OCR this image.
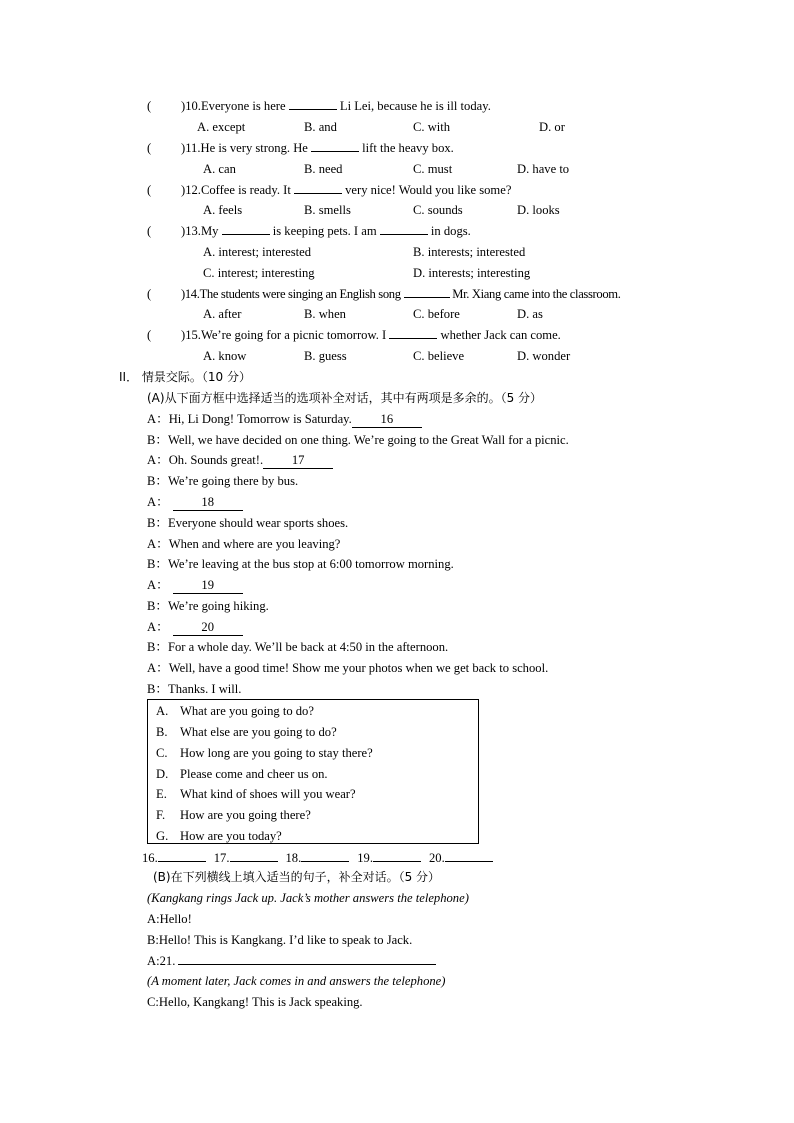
( )10.Everyone is here	Li Lei, because he is ill today.
A. except	B. and	C. with	D. or
( )11.He is very strong. He	lift the heavy box.
A. can	B. need	C. must	D. have to
( )12.Coffee is ready. It	very nice! Would you like some?
A. feels	B. smells	C. sounds	D. looks
( )13.My	is keeping pets. I am	in dogs.
A. interest; interested	B. interests; interested
C. interest; interesting	D. interests; interesting
( )14.The students were singing an English song	Mr. Xiang came into the classroom.
A. after	B. when	C. before	D. as
( )15.We’re going for a picnic tomorrow. I	whether Jack can come.
A. know	B. guess	C. believe	D. wonder
II． 情景交际。（10 分）
(A)从下面方框中选择适当的选项补全对话，其中有两项是多余的。（5 分）
A：Hi, Li Dong! Tomorrow is Saturday. 16
B：Well, we have decided on one thing. We’re going to the Great Wall for a picnic.
A：Oh. Sounds great!. 17
B：We’re going there by bus.
A：	18
B：Everyone should wear sports shoes.
A：When and where are you leaving?
B：We’re leaving at the bus stop at 6:00 tomorrow morning.
A：	19
B：We’re going hiking.
A：	20
B：For a whole day. We’ll be back at 4:50 in the afternoon.
A：Well, have a good time! Show me your photos when we get back to school.
B：Thanks. I will.
A. What are you going to do?
B. What else are you going to do?
C. How long are you going to stay there?
D. Please come and cheer us on.
E. What kind of shoes will you wear?
F. How are you going there?
G. How are you today?
16.	17.	18.	19.	20.
(B)在下列横线上填入适当的句子，补全对话。（5 分）
(Kangkang rings Jack up. Jack’s mother answers the telephone)
A:Hello!
B:Hello! This is Kangkang. I’d like to speak to Jack.
A:21.
(A moment later, Jack comes in and answers the telephone)
C:Hello, Kangkang! This is Jack speaking.
